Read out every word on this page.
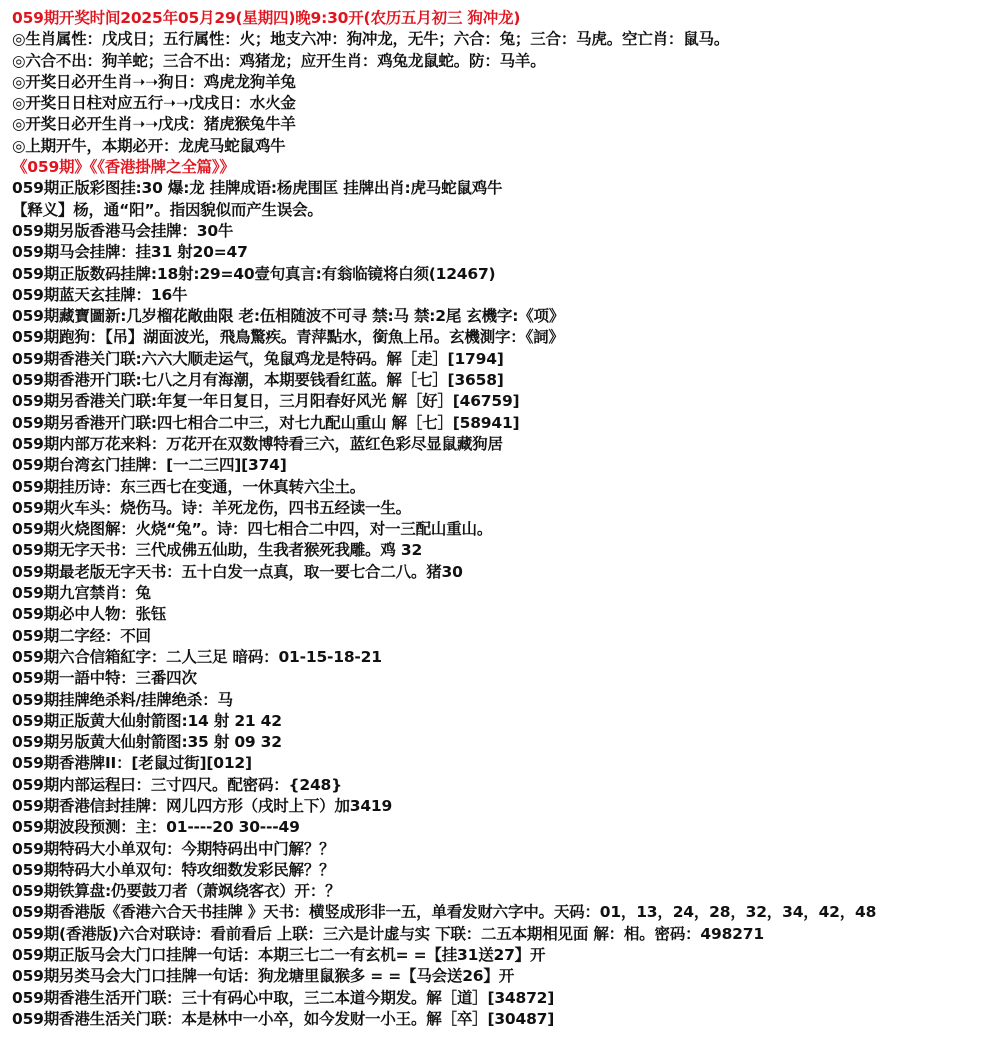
059期开奖时间2025年05月29(星期四)晚9:30开(农历五月初三 狗冲龙)
◎生肖属性：戊戌日；五行属性：火；地支六冲：狗冲龙，无牛；六合：兔；三合：马虎。空亡肖：鼠马。
◎六合不出：狗羊蛇；三合不出：鸡猪龙；应开生肖：鸡兔龙鼠蛇。防：马羊。
◎开奖日必开生肖➝➝狗日：鸡虎龙狗羊兔
◎开奖日日柱对应五行➝➝戊戌日：水火金
◎开奖日必开生肖➝➝戊戌：猪虎猴兔牛羊
◎上期开牛，本期必开：龙虎马蛇鼠鸡牛
《059期》《《香港掛牌之全篇》》
059期正版彩图挂:30 爆:龙 挂牌成语:杨虎围匡 挂牌出肖:虎马蛇鼠鸡牛
【释义】杨，通“阳”。指因貌似而产生误会。
059期另版香港马会挂牌：30牛
059期马会挂牌：挂31 射20=47
059期正版数码挂牌:18射:29=40壹句真言:有翁临镜将白须(12467)
059期蓝天玄挂牌：16牛
059期藏寶圖新:几岁榴花敞曲限 老:伍相随波不可寻 禁:马 禁:2尾 玄機字:《项》
059期跑狗：【吊】湖面波光，飛鳥驚疾。青萍點水，銜魚上吊。玄機測字：《詞》
059期香港关门联:六六大顺走运气，兔鼠鸡龙是特码。解［走］[1794]
059期香港开门联:七八之月有海潮，本期要钱看红蓝。解［七］[3658]
059期另香港关门联:年复一年日复日，三月阳春好风光 解［好］[46759]
059期另香港开门联:四七相合二中三，对七九配山重山 解［七］[58941]
059期内部万花来料：万花开在双数博特看三六，蓝红色彩尽显鼠藏狗居
059期台湾玄门挂牌：[一二三四][374]
059期挂历诗：东三西七在变通，一休真转六尘土。
059期火车头：烧伤马。诗：羊死龙伤，四书五经读一生。
059期火烧图解：火烧“兔”。诗：四七相合二中四，对一三配山重山。
059期无字天书：三代成佛五仙助，生我者猴死我雕。鸡 32
059期最老版无字天书：五十白发一点真，取一要七合二八。猪30
059期九宫禁肖：兔
059期必中人物：张钰
059期二字经：不回
059期六合信箱紅字：二人三足 暗码：01-15-18-21
059期一語中特：三番四次
059期挂牌绝杀料/挂牌绝杀：马
059期正版黄大仙射箭图:14 射 21 42
059期另版黄大仙射箭图:35 射 09 32
059期香港牌II：[老鼠过街][012]
059期内部运程曰：三寸四尺。配密码：{248}
059期香港信封挂牌：网儿四方形（戌时上下）加3419
059期波段预测：主：01----20 30---49
059期特码大小单双句：今期特码出中门解？？
059期特码大小单双句：特攻细数发彩民解？？
059期铁算盘:仍要鼓刀者（萧飒绕客衣）开：？
059期香港版《香港六合天书挂牌 》天书：横竖成形非一五，单看发财六字中。天码：01，13，24，28，32，34，42，48
059期(香港版)六合对联诗：看前看后 上联：三六是计虚与实 下联：二五本期相见面 解：相。密码：498271
059期正版马会大门口挂牌一句话：本期三七二一有玄机= =【挂31送27】开
059期另类马会大门口挂牌一句话：狗龙塘里鼠猴多 = =【马会送26】开
059期香港生活开门联：三十有码心中取，三二本道今期发。解［道］[34872]
059期香港生活关门联：本是林中一小卒，如今发财一小王。解［卒］[30487]
